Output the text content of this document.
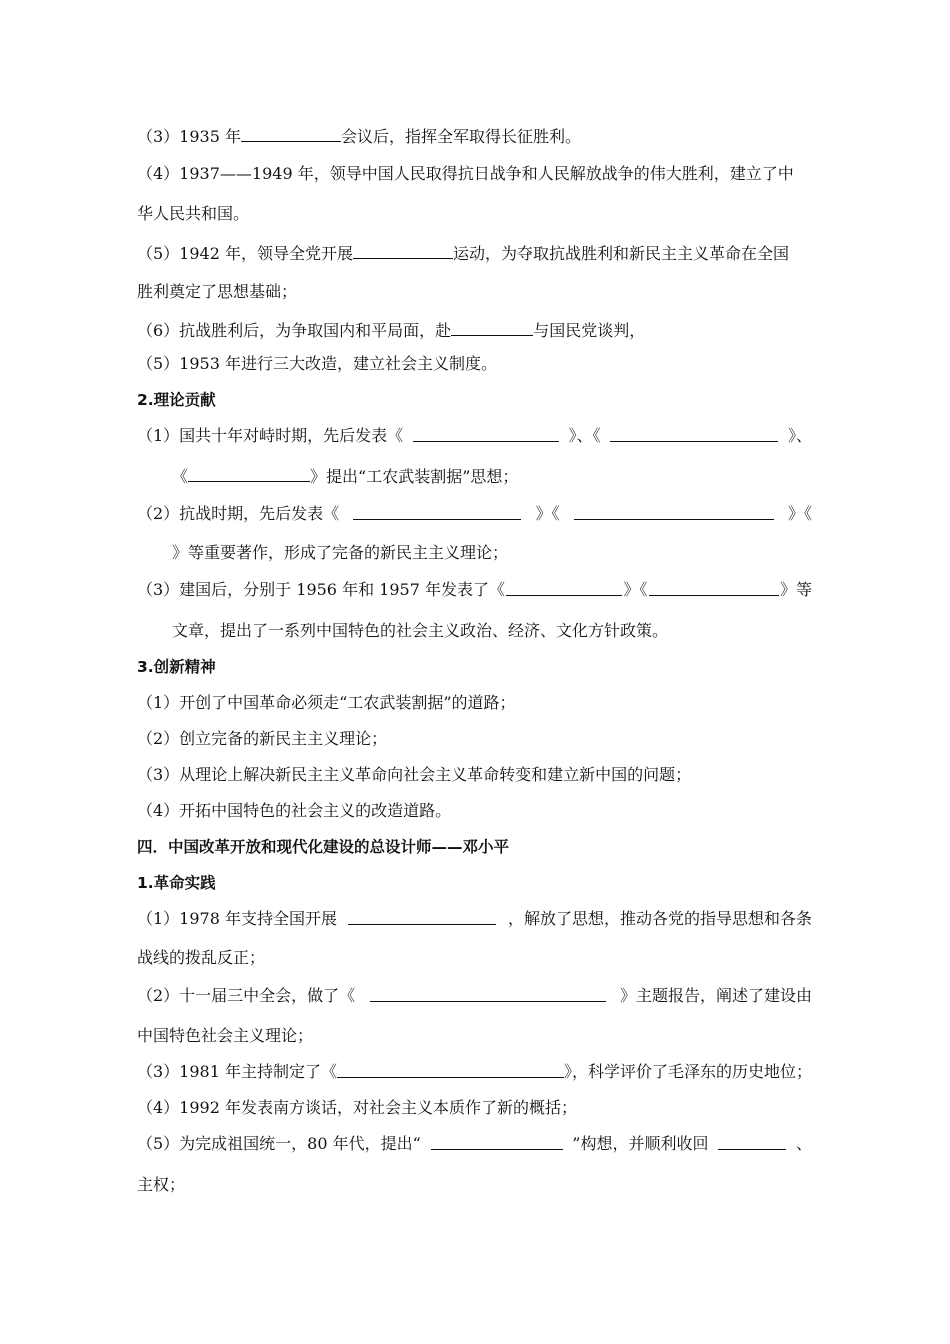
（3）1935 年	会议后，指挥全军取得长征胜利。
（4）1937——1949 年，领导中国人民取得抗日战争和人民解放战争的伟大胜利，建立了中
华人民共和国。
（5）1942 年，领导全党开展	运动，为夺取抗战胜利和新民主主义革命在全国
胜利奠定了思想基础；
（6）抗战胜利后，为争取国内和平局面，赴	与国民党谈判，
（5）1953 年进行三大改造，建立社会主义制度。
2.理论贡献
（1）国共十年对峙时期，先后发表《	》、《	》、
《	》提出“工农武装割据”思想；
（2）抗战时期，先后发表《	》《	》《
》等重要著作，形成了完备的新民主主义理论；
（3）建国后，分别于 1956 年和 1957 年发表了《	》《	》等
文章，提出了一系列中国特色的社会主义政治、经济、文化方针政策。
3.创新精神
（1）开创了中国革命必须走“工农武装割据”的道路；
（2）创立完备的新民主主义理论；
（3）从理论上解决新民主主义革命向社会主义革命转变和建立新中国的问题；
（4）开拓中国特色的社会主义的改造道路。
四．中国改革开放和现代化建设的总设计师——邓小平
1.革命实践
（1）1978 年支持全国开展	，解放了思想，推动各党的指导思想和各条
战线的拨乱反正；
（2）十一届三中全会，做了《	》主题报告，阐述了建设由
中国特色社会主义理论；
（3）1981 年主持制定了《	》，科学评价了毛泽东的历史地位；
（4）1992 年发表南方谈话，对社会主义本质作了新的概括；
（5）为完成祖国统一，80 年代，提出“	”构想，并顺利收回	、
主权；
